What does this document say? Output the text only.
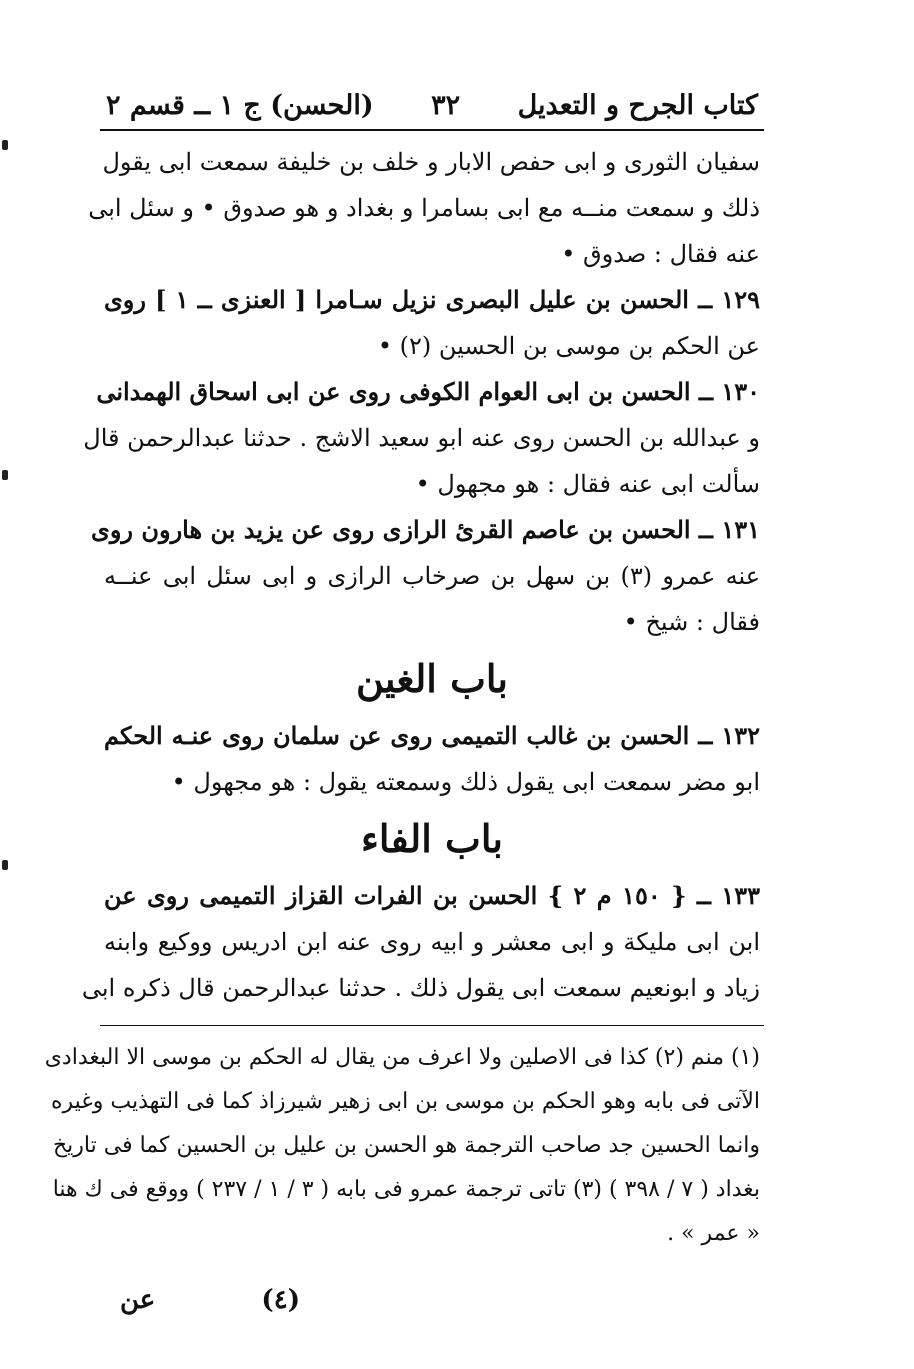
كتاب الجرح و التعديل
٣٢
(الحسن) ج ١ ــ قسم ٢
سفيان الثورى و ابى حفص الابار و خلف بن خليفة سمعت ابى يقول
ذلك و سمعت منــه مع ابى بسامرا و بغداد و هو صدوق • و سئل ابى
عنه فقال : صدوق •
١٢٩ ــ الحسن بن عليل البصرى نزيل سـامرا [ العنزى ــ ١ ] روى
عن الحكم بن موسى بن الحسين (٢) •
١٣٠ ــ الحسن بن ابى العوام الكوفى روى عن ابى اسحاق الهمدانى
و عبدالله بن الحسن روى عنه ابو سعيد الاشج . حدثنا عبدالرحمن قال
سألت ابى عنه فقال : هو مجهول •
١٣١ ــ الحسن بن عاصم القرئ الرازى روى عن يزيد بن هارون روى
عنه عمرو (٣) بن سهل بن صرخاب الرازى و ابى سئل ابى عنــه
فقال : شيخ •
باب الغين
١٣٢ ــ الحسن بن غالب التميمى روى عن سلمان روى عنـه الحكم
ابو مضر سمعت ابى يقول ذلك وسمعته يقول : هو مجهول •
باب الفاء
١٣٣ ــ { ١٥٠ م ٢ } الحسن بن الفرات القزاز التميمى روى عن
ابن ابى مليكة و ابى معشر و ابيه روى عنه ابن ادريس ووكيع وابنه
زياد و ابونعيم سمعت ابى يقول ذلك . حدثنا عبدالرحمن قال ذكره ابى
(١) منم (٢) كذا فى الاصلين ولا اعرف من يقال له الحكم بن موسى الا البغدادى
الآتى فى بابه وهو الحكم بن موسى بن ابى زهير شيرزاذ كما فى التهذيب وغيره
وانما الحسين جد صاحب الترجمة هو الحسن بن عليل بن الحسين كما فى تاريخ
بغداد ( ٧ / ٣٩٨ ) (٣) تاتى ترجمة عمرو فى بابه ( ٣ / ١ / ٢٣٧ ) ووقع فى ك هنا
« عمر » .
عن	(٤)
